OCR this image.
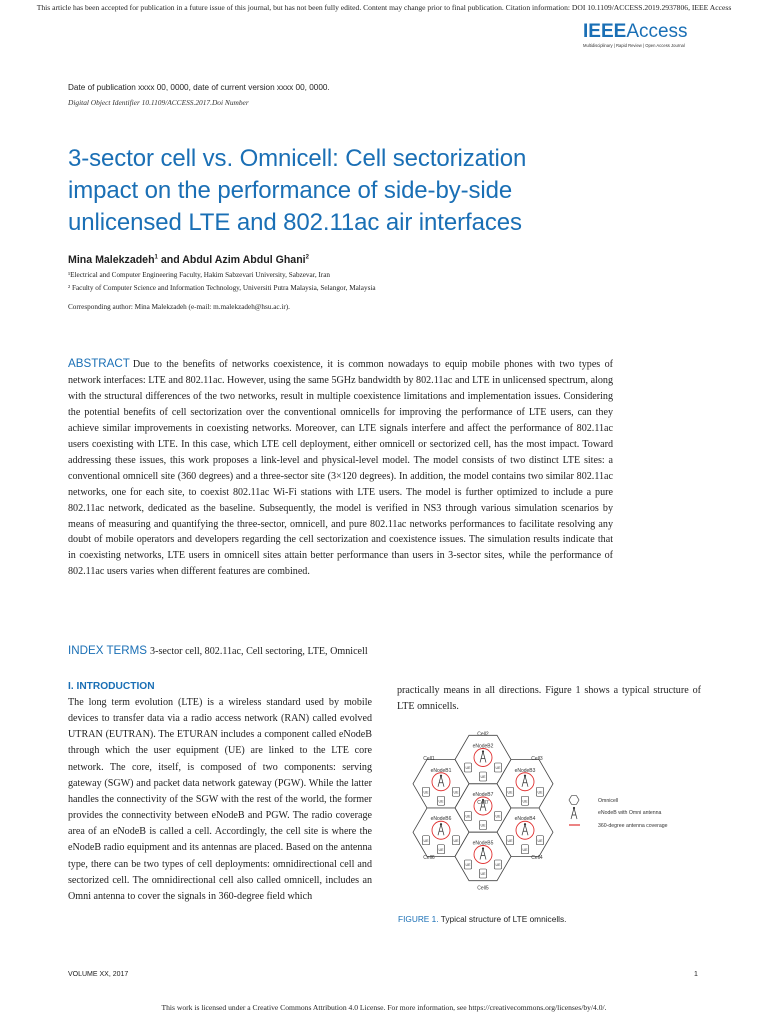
This article has been accepted for publication in a future issue of this journal, but has not been fully edited. Content may change prior to final publication. Citation information: DOI 10.1109/ACCESS.2019.2937806, IEEE Access
IEEEAccess
Multidisciplinary | Rapid Review | Open Access Journal
Date of publication xxxx 00, 0000, date of current version xxxx 00, 0000.
Digital Object Identifier 10.1109/ACCESS.2017.Doi Number
3-sector cell vs. Omnicell: Cell sectorization
impact on the performance of side-by-side
unlicensed LTE and 802.11ac air interfaces
Mina Malekzadeh$^1$ and Abdul Azim Abdul Ghani$^2$
¹Electrical and Computer Engineering Faculty, Hakim Sabzevari University, Sabzevar, Iran
² Faculty of Computer Science and Information Technology, Universiti Putra Malaysia, Selangor, Malaysia
Corresponding author: Mina Malekzadeh (e-mail: m.malekzadeh@hsu.ac.ir).
ABSTRACT Due to the benefits of networks coexistence, it is common nowadays to equip mobile phones with two types of network interfaces: LTE and 802.11ac. However, using the same 5GHz bandwidth by 802.11ac and LTE in unlicensed spectrum, along with the structural differences of the two networks, result in multiple coexistence limitations and implementation issues. Considering the potential benefits of cell sectorization over the conventional omnicells for improving the performance of LTE users, can they achieve similar improvements in coexisting networks. Moreover, can LTE signals interfere and affect the performance of 802.11ac users coexisting with LTE. In this case, which LTE cell deployment, either omnicell or sectorized cell, has the most impact. Toward addressing these issues, this work proposes a link-level and physical-level model. The model consists of two distinct LTE sites: a conventional omnicell site (360 degrees) and a three-sector site (3×120 degrees). In addition, the model contains two similar 802.11ac networks, one for each site, to coexist 802.11ac Wi-Fi stations with LTE users. The model is further optimized to include a pure 802.11ac network, dedicated as the baseline. Subsequently, the model is verified in NS3 through various simulation scenarios by means of measuring and quantifying the three-sector, omnicell, and pure 802.11ac networks performances to facilitate resolving any doubt of mobile operators and developers regarding the cell sectorization and coexistence issues. The simulation results indicate that in coexisting networks, LTE users in omnicell sites attain better performance than users in 3-sector sites, while the performance of 802.11ac users varies when different features are combined.
INDEX TERMS 3-sector cell, 802.11ac, Cell sectoring, LTE, Omnicell
I. INTRODUCTION
The long term evolution (LTE) is a wireless standard used by mobile devices to transfer data via a radio access network (RAN) called evolved UTRAN (EUTRAN). The ETURAN includes a component called eNodeB through which the user equipment (UE) are linked to the LTE core network. The core, itself, is composed of two components: serving gateway (SGW) and packet data network gateway (PGW). While the latter handles the connectivity of the SGW with the rest of the world, the former provides the connectivity between eNodeB and PGW. The radio coverage area of an eNodeB is called a cell. Accordingly, the cell site is where the eNodeB radio equipment and its antennas are placed. Based on the antenna type, there can be two types of cell deployments: omnidirectional cell and sectorized cell. The omnidirectional cell also called omnicell, includes an Omni antenna to cover the signals in 360-degree field which
practically means in all directions. Figure 1 shows a typical structure of LTE omnicells.
eNodeB2
UE	UE
UE
eNodeB1
UE	UE
UE
eNodeB3
UE	UE
UE
eNodeB7
UE	UE
UE
eNodeB6
UE	UE
UE
eNodeB4
UE	UE
UE
eNodeB5
UE	UE
UE
Cell2
Cell1	Cell3
Cell7
Cell6	Cell4
Cell5
Omnicell
eNodeB with Omni antenna
360-degree antenna coverage
FIGURE 1. Typical structure of LTE omnicells.
VOLUME XX, 2017	1
This work is licensed under a Creative Commons Attribution 4.0 License. For more information, see https://creativecommons.org/licenses/by/4.0/.
